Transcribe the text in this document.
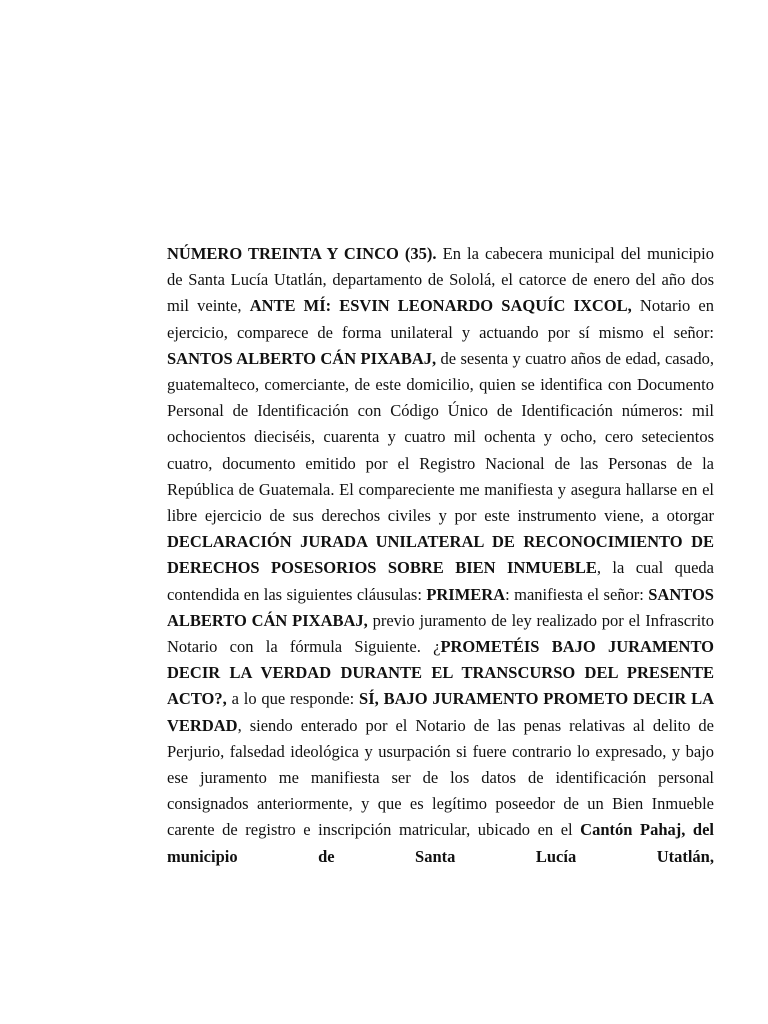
NÚMERO TREINTA Y CINCO (35). En la cabecera municipal del municipio de Santa Lucía Utatlán, departamento de Sololá, el catorce de enero del año dos mil veinte, ANTE MÍ: ESVIN LEONARDO SAQUÍC IXCOL, Notario en ejercicio, comparece de forma unilateral y actuando por sí mismo el señor: SANTOS ALBERTO CÁN PIXABAJ, de sesenta y cuatro años de edad, casado, guatemalteco, comerciante, de este domicilio, quien se identifica con Documento Personal de Identificación con Código Único de Identificación números: mil ochocientos dieciséis, cuarenta y cuatro mil ochenta y ocho, cero setecientos cuatro, documento emitido por el Registro Nacional de las Personas de la República de Guatemala. El compareciente me manifiesta y asegura hallarse en el libre ejercicio de sus derechos civiles y por este instrumento viene, a otorgar DECLARACIÓN JURADA UNILATERAL DE RECONOCIMIENTO DE DERECHOS POSESORIOS SOBRE BIEN INMUEBLE, la cual queda contendida en las siguientes cláusulas: PRIMERA: manifiesta el señor: SANTOS ALBERTO CÁN PIXABAJ, previo juramento de ley realizado por el Infrascrito Notario con la fórmula Siguiente. ¿PROMETÉIS BAJO JURAMENTO DECIR LA VERDAD DURANTE EL TRANSCURSO DEL PRESENTE ACTO?, a lo que responde: SÍ, BAJO JURAMENTO PROMETO DECIR LA VERDAD, siendo enterado por el Notario de las penas relativas al delito de Perjurio, falsedad ideológica y usurpación si fuere contrario lo expresado, y bajo ese juramento me manifiesta ser de los datos de identificación personal consignados anteriormente, y que es legítimo poseedor de un Bien Inmueble carente de registro e inscripción matricular, ubicado en el Cantón Pahaj, del municipio de Santa Lucía Utatlán,
